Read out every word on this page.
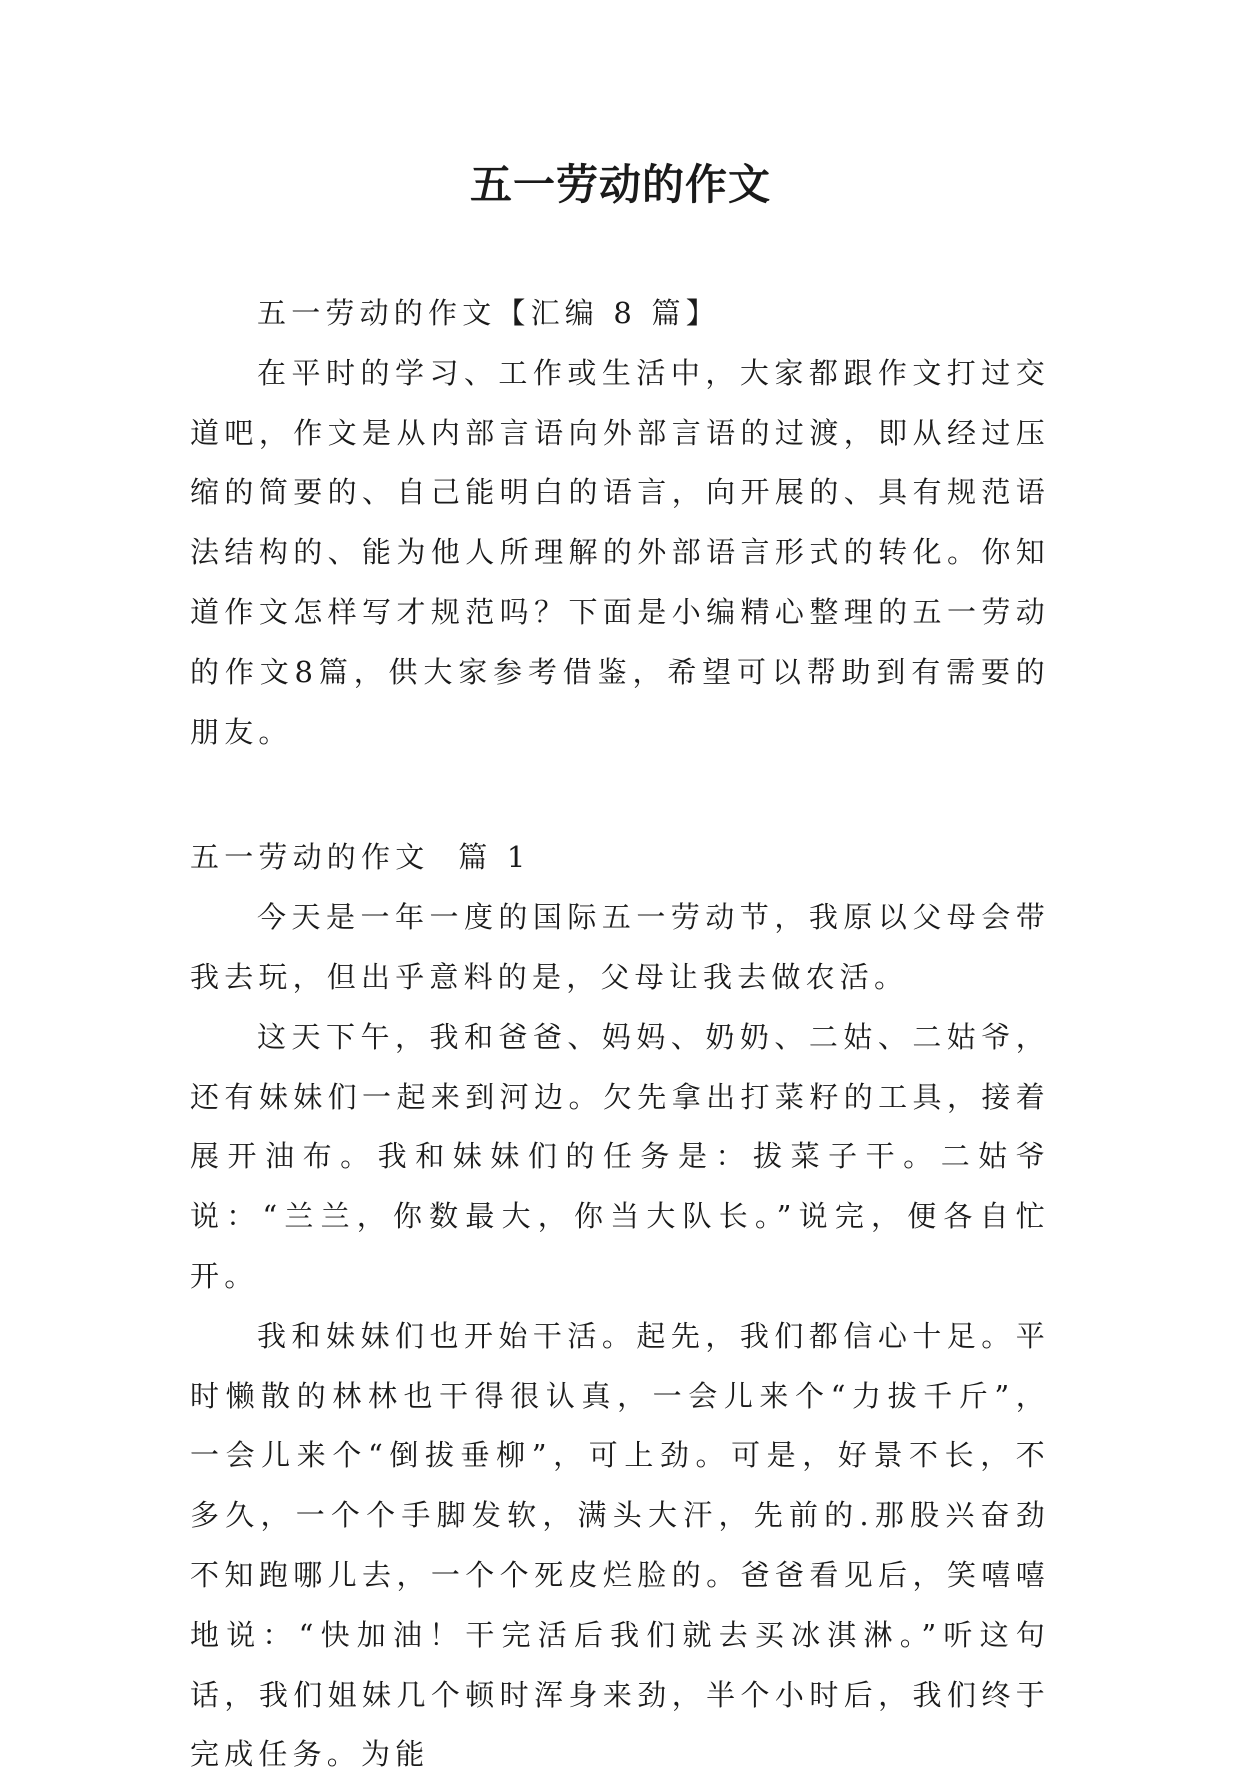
五一劳动的作文

五一劳动的作文【汇编 8 篇】

在平时的学习、工作或生活中，大家都跟作文打过交道吧，作文是从内部言语向外部言语的过渡，即从经过压缩的简要的、自己能明白的语言，向开展的、具有规范语法结构的、能为他人所理解的外部语言形式的转化。你知道作文怎样写才规范吗？下面是小编精心整理的五一劳动的作文8篇，供大家参考借鉴，希望可以帮助到有需要的朋友。

五一劳动的作文  篇 1

今天是一年一度的国际五一劳动节，我原以父母会带我去玩，但出乎意料的是，父母让我去做农活。

这天下午，我和爸爸、妈妈、奶奶、二姑、二姑爷，还有妹妹们一起来到河边。欠先拿出打菜籽的工具，接着展开油布。我和妹妹们的任务是：拔菜子干。二姑爷说：“兰兰，你数最大，你当大队长。”说完，便各自忙开。

我和妹妹们也开始干活。起先，我们都信心十足。平时懒散的林林也干得很认真，一会儿来个“力拔千斤”，一会儿来个“倒拔垂柳”，可上劲。可是，好景不长，不多久，一个个手脚发软，满头大汗，先前的.那股兴奋劲不知跑哪儿去，一个个死皮烂脸的。爸爸看见后，笑嘻嘻地说：“快加油！干完活后我们就去买冰淇淋。”听这句话，我们姐妹几个顿时浑身来劲，半个小时后，我们终于完成任务。为能
